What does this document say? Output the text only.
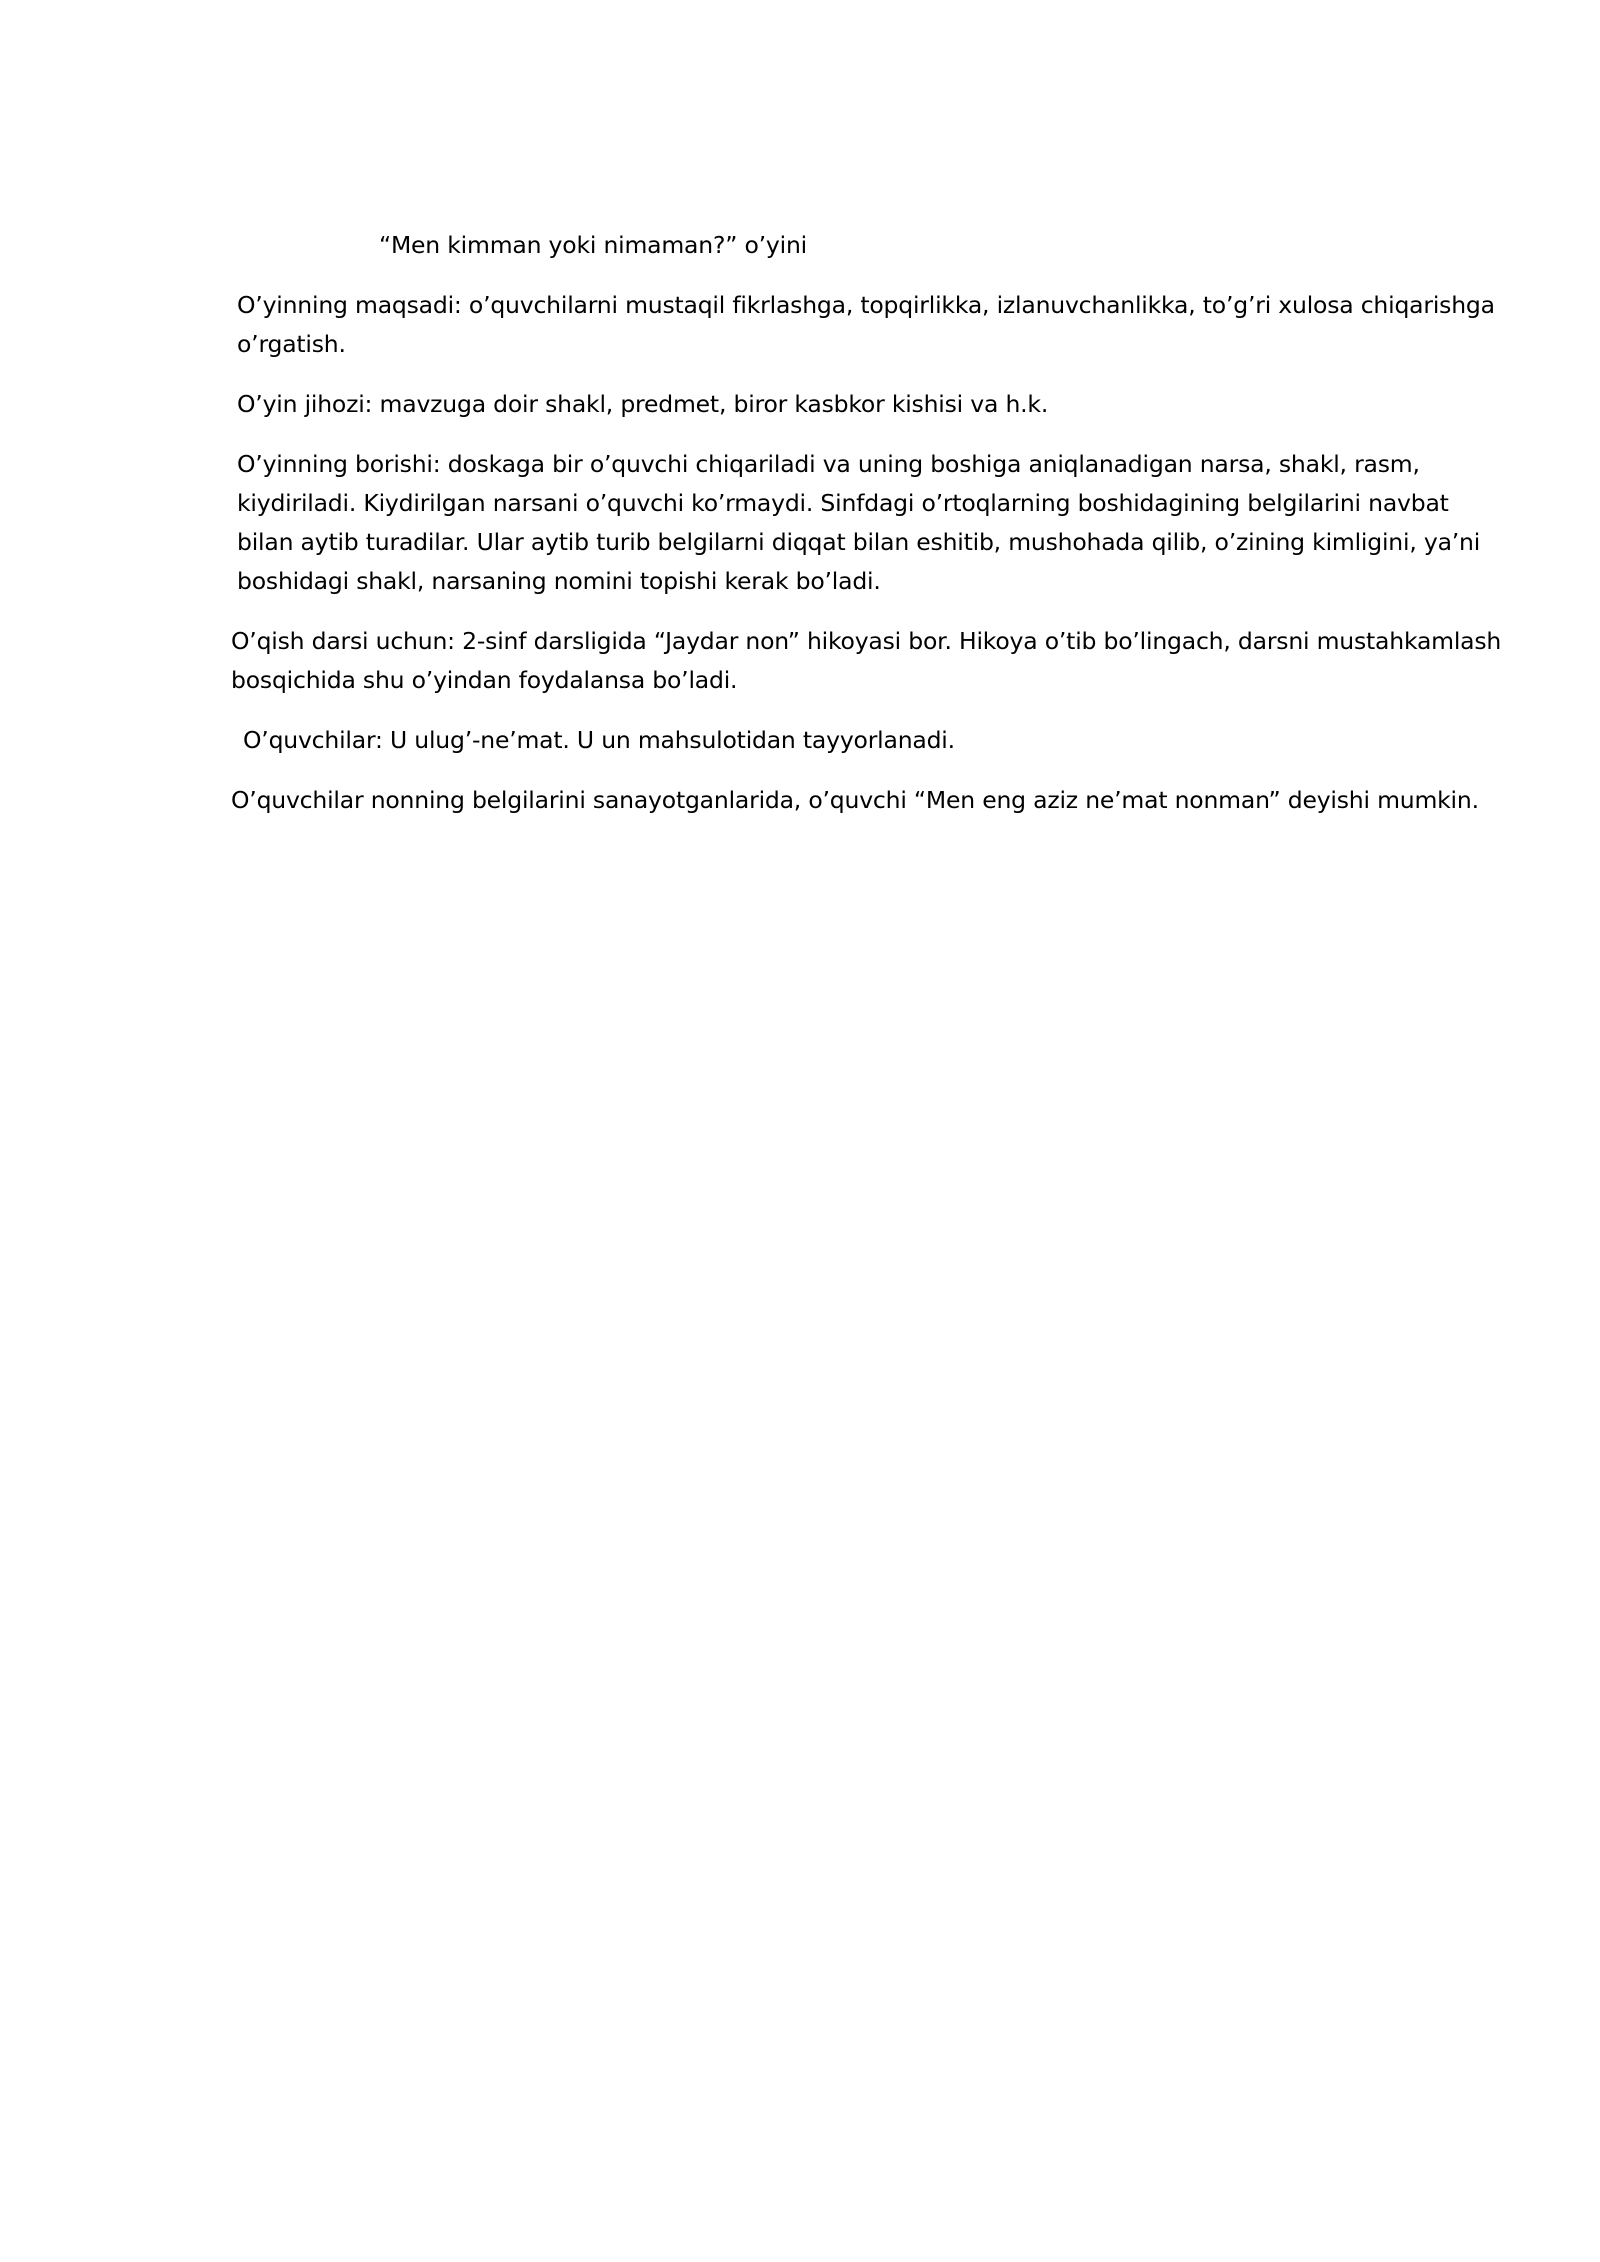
“Men kimman yoki nimaman?” o’yini

O’yinning maqsadi: o’quvchilarni mustaqil fikrlashga, topqirlikka, izlanuvchanlikka, to’g’ri xulosa chiqarishga o’rgatish.

O’yin jihozi: mavzuga doir shakl, predmet, biror kasbkor kishisi va h.k.

O’yinning borishi: doskaga bir o’quvchi chiqariladi va uning boshiga aniqlanadigan narsa, shakl, rasm, kiydiriladi. Kiydirilgan narsani o’quvchi ko’rmaydi. Sinfdagi o’rtoqlarning boshidagining belgilarini navbat bilan aytib turadilar. Ular aytib turib belgilarni diqqat bilan eshitib, mushohada qilib, o’zining kimligini, ya’ni boshidagi shakl, narsaning nomini topishi kerak bo’ladi.

O’qish darsi uchun: 2-sinf darsligida “Jaydar non” hikoyasi bor. Hikoya o’tib bo’lingach, darsni mustahkamlash bosqichida shu o’yindan foydalansa bo’ladi.

O’quvchilar: U ulug’-ne’mat. U un mahsulotidan tayyorlanadi.

O’quvchilar nonning belgilarini sanayotganlarida, o’quvchi “Men eng aziz ne’mat nonman” deyishi mumkin.
